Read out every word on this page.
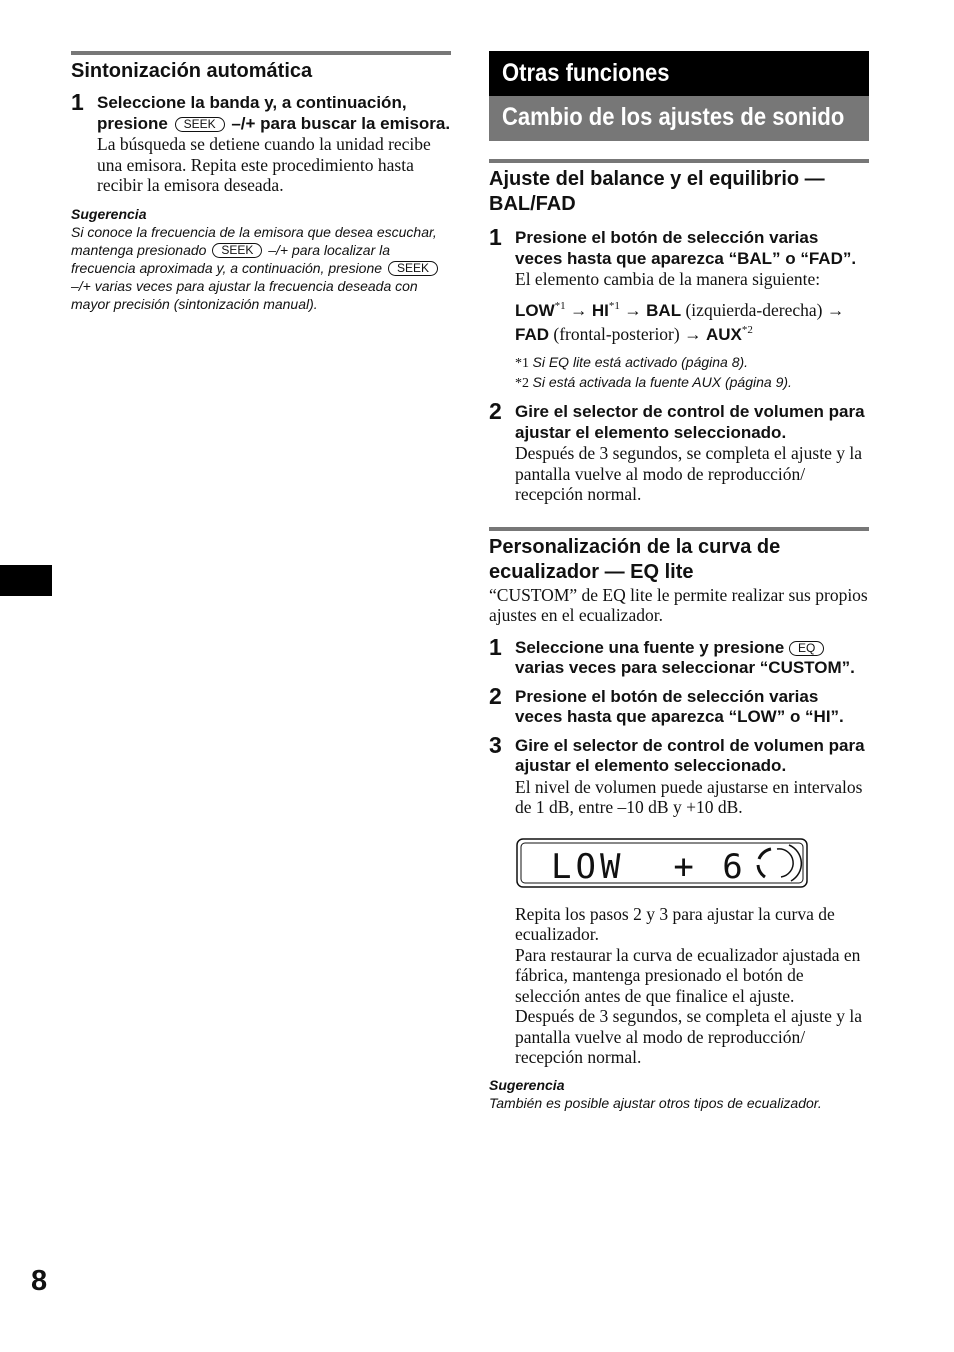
Sintonización automática
1 Seleccione la banda y, a continuación, presione SEEK –/+ para buscar la emisora.
La búsqueda se detiene cuando la unidad recibe una emisora. Repita este procedimiento hasta recibir la emisora deseada.
Sugerencia
Si conoce la frecuencia de la emisora que desea escuchar, mantenga presionado SEEK –/+ para localizar la frecuencia aproximada y, a continuación, presione SEEK –/+ varias veces para ajustar la frecuencia deseada con mayor precisión (sintonización manual).
Otras funciones
Cambio de los ajustes de sonido
Ajuste del balance y el equilibrio — BAL/FAD
1 Presione el botón de selección varias veces hasta que aparezca “BAL” o “FAD”.
El elemento cambia de la manera siguiente:
$LOW^{*1} \to HI^{*1}$ → BAL (izquierda-derecha) → FAD (frontal-posterior) → $AUX^{*2}$
*1 Si EQ lite está activado (página 8).
*2 Si está activada la fuente AUX (página 9).
2 Gire el selector de control de volumen para ajustar el elemento seleccionado.
Después de 3 segundos, se completa el ajuste y la pantalla vuelve al modo de reproducción/ recepción normal.
Personalización de la curva de ecualizador — EQ lite
“CUSTOM” de EQ lite le permite realizar sus propios ajustes en el ecualizador.
1 Seleccione una fuente y presione EQ varias veces para seleccionar “CUSTOM”.
2 Presione el botón de selección varias veces hasta que aparezca “LOW” o “HI”.
3 Gire el selector de control de volumen para ajustar el elemento seleccionado.
El nivel de volumen puede ajustarse en intervalos de 1 dB, entre –10 dB y +10 dB.
LOW  + 6
Repita los pasos 2 y 3 para ajustar la curva de ecualizador.
Para restaurar la curva de ecualizador ajustada en fábrica, mantenga presionado el botón de selección antes de que finalice el ajuste.
Después de 3 segundos, se completa el ajuste y la pantalla vuelve al modo de reproducción/ recepción normal.
Sugerencia
También es posible ajustar otros tipos de ecualizador.
8
